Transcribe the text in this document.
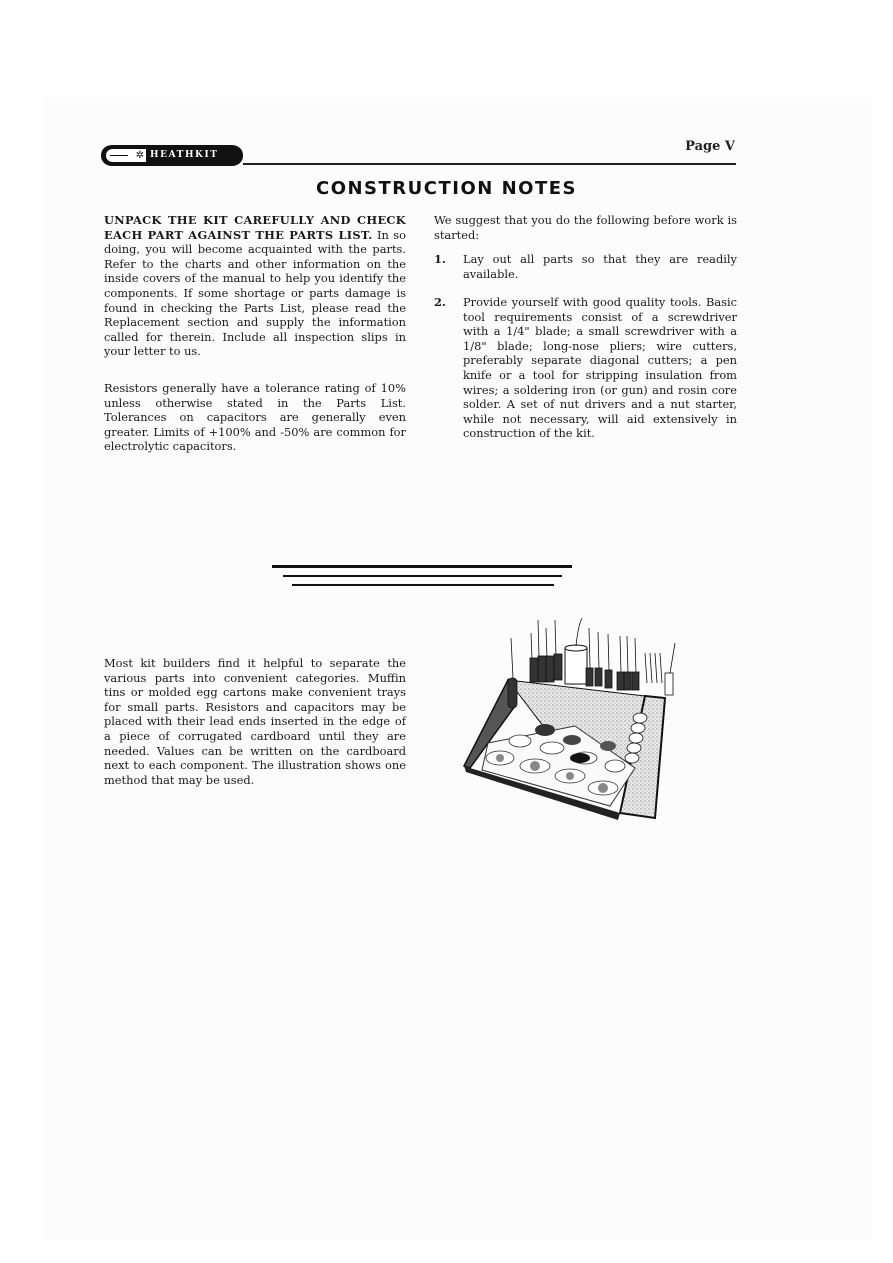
✲ HEATHKIT
Page V
CONSTRUCTION NOTES
UNPACK THE KIT CAREFULLY AND CHECK EACH PART AGAINST THE PARTS LIST. In so doing, you will become acquainted with the parts. Refer to the charts and other information on the inside covers of the manual to help you identify the components. If some shortage or parts damage is found in checking the Parts List, please read the Replacement section and supply the information called for therein. Include all inspection slips in your letter to us.
Resistors generally have a tolerance rating of 10% unless otherwise stated in the Parts List. Tolerances on capacitors are generally even greater. Limits of +100% and -50% are common for electrolytic capacitors.
We suggest that you do the following before work is started:
1. Lay out all parts so that they are readily available.
2. Provide yourself with good quality tools. Basic tool requirements consist of a screwdriver with a 1/4" blade; a small screwdriver with a 1/8" blade; long-nose pliers; wire cutters, preferably separate diagonal cutters; a pen knife or a tool for stripping insulation from wires; a soldering iron (or gun) and rosin core solder. A set of nut drivers and a nut starter, while not necessary, will aid extensively in construction of the kit.
Most kit builders find it helpful to separate the various parts into convenient categories. Muffin tins or molded egg cartons make convenient trays for small parts. Resistors and capacitors may be placed with their lead ends inserted in the edge of a piece of corrugated cardboard until they are needed. Values can be written on the cardboard next to each component. The illustration shows one method that may be used.
